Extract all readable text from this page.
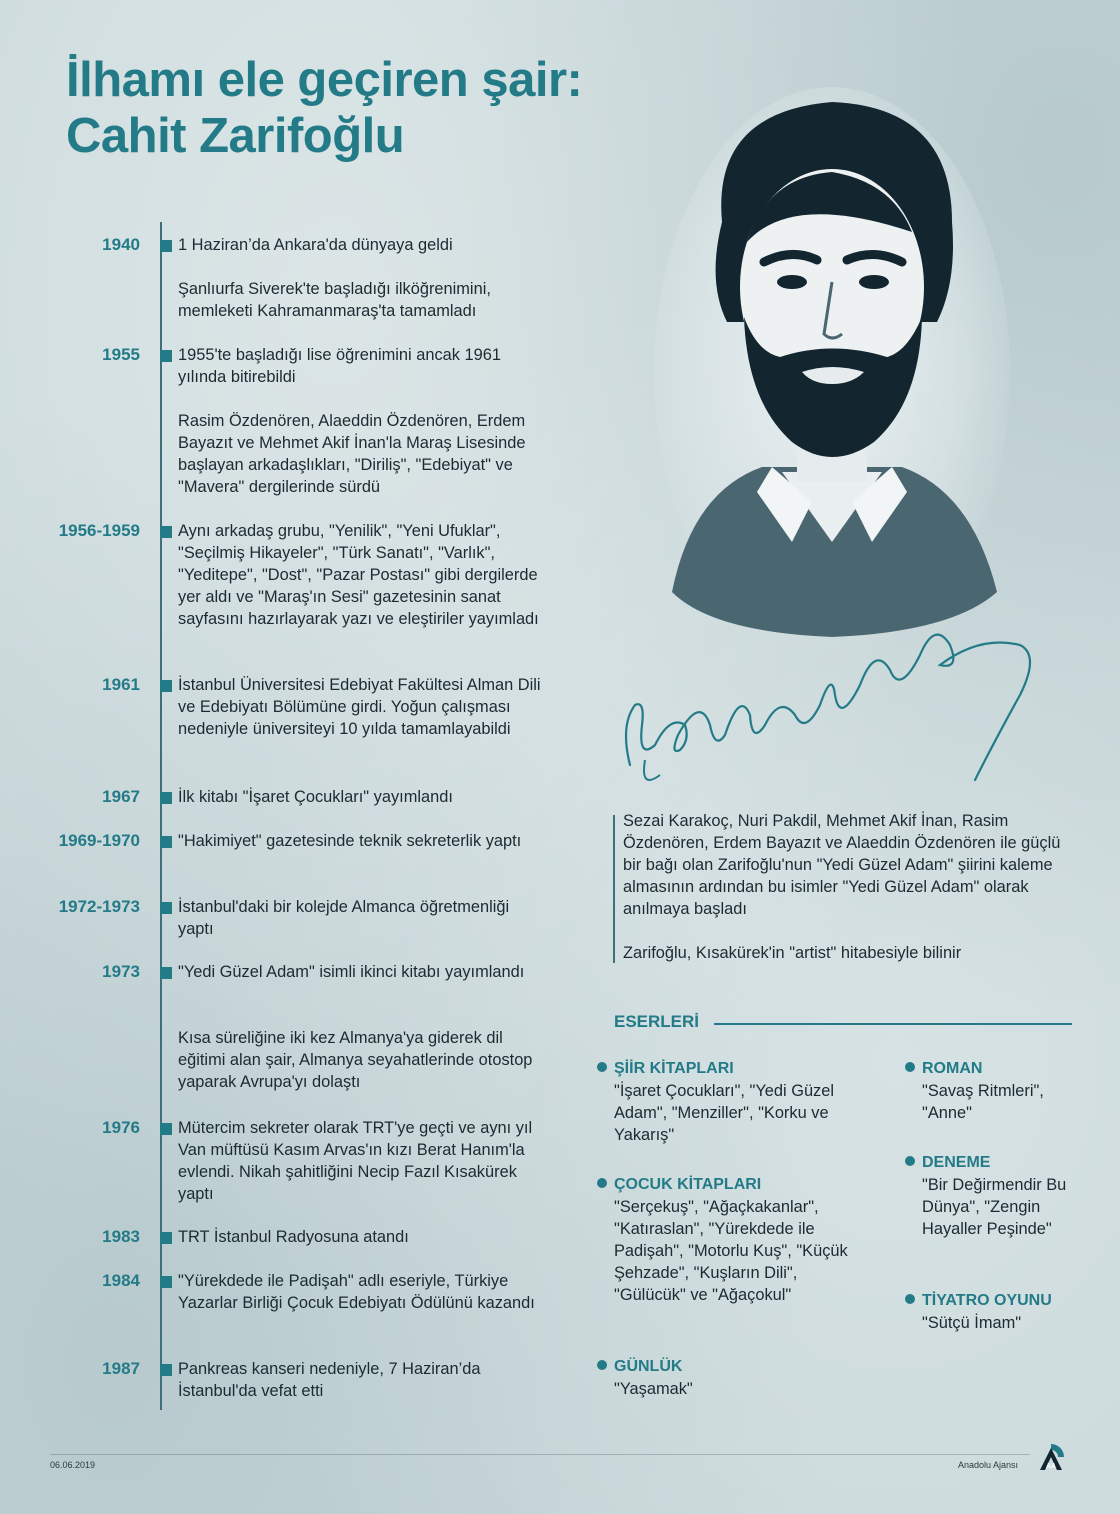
İlhamı ele geçiren şair:
Cahit Zarifoğlu
1940 1 Haziran’da Ankara'da dünyaya geldi
Şanlıurfa Siverek'te başladığı ilköğrenimini, memleketi Kahramanmaraş'ta tamamladı
1955 1955'te başladığı lise öğrenimini ancak 1961 yılında bitirebildi
Rasim Özdenören, Alaeddin Özdenören, Erdem Bayazıt ve Mehmet Akif İnan'la Maraş Lisesinde başlayan arkadaşlıkları, "Diriliş", "Edebiyat" ve "Mavera" dergilerinde sürdü
1956-1959 Aynı arkadaş grubu, "Yenilik", "Yeni Ufuklar", "Seçilmiş Hikayeler", "Türk Sanatı", "Varlık", "Yeditepe", "Dost", "Pazar Postası" gibi dergilerde yer aldı ve "Maraş'ın Sesi" gazetesinin sanat sayfasını hazırlayarak yazı ve eleştiriler yayımladı
1961 İstanbul Üniversitesi Edebiyat Fakültesi Alman Dili ve Edebiyatı Bölümüne girdi. Yoğun çalışması nedeniyle üniversiteyi 10 yılda tamamlayabildi
1967 İlk kitabı "İşaret Çocukları" yayımlandı
1969-1970 "Hakimiyet" gazetesinde teknik sekreterlik yaptı
1972-1973 İstanbul'daki bir kolejde Almanca öğretmenliği yaptı
1973 "Yedi Güzel Adam" isimli ikinci kitabı yayımlandı
Kısa süreliğine iki kez Almanya'ya giderek dil eğitimi alan şair, Almanya seyahatlerinde otostop yaparak Avrupa'yı dolaştı
1976 Mütercim sekreter olarak TRT'ye geçti ve aynı yıl Van müftüsü Kasım Arvas'ın kızı Berat Hanım'la evlendi. Nikah şahitliğini Necip Fazıl Kısakürek yaptı
1983 TRT İstanbul Radyosuna atandı
1984 "Yürekdede ile Padişah" adlı eseriyle, Türkiye Yazarlar Birliği Çocuk Edebiyatı Ödülünü kazandı
1987 Pankreas kanseri nedeniyle, 7 Haziran’da İstanbul'da vefat etti

Sezai Karakoç, Nuri Pakdil, Mehmet Akif İnan, Rasim Özdenören, Erdem Bayazıt ve Alaeddin Özdenören ile güçlü bir bağı olan Zarifoğlu'nun "Yedi Güzel Adam" şiirini kaleme almasının ardından bu isimler "Yedi Güzel Adam" olarak anılmaya başladı

Zarifoğlu, Kısakürek'in "artist" hitabesiyle bilinir

ESERLERİ
ŞİİR KİTAPLARI
"İşaret Çocukları", "Yedi Güzel Adam", "Menziller", "Korku ve Yakarış"
ÇOCUK KİTAPLARI
"Serçekuş", "Ağaçkakanlar", "Katıraslan", "Yürekdede ile Padişah", "Motorlu Kuş", "Küçük Şehzade", "Kuşların Dili", "Gülücük" ve "Ağaçokul"
GÜNLÜK
"Yaşamak"
ROMAN
"Savaş Ritmleri", "Anne"
DENEME
"Bir Değirmendir Bu Dünya", "Zengin Hayaller Peşinde"
TİYATRO OYUNU
"Sütçü İmam"
06.06.2019	Anadolu Ajansı	AA
